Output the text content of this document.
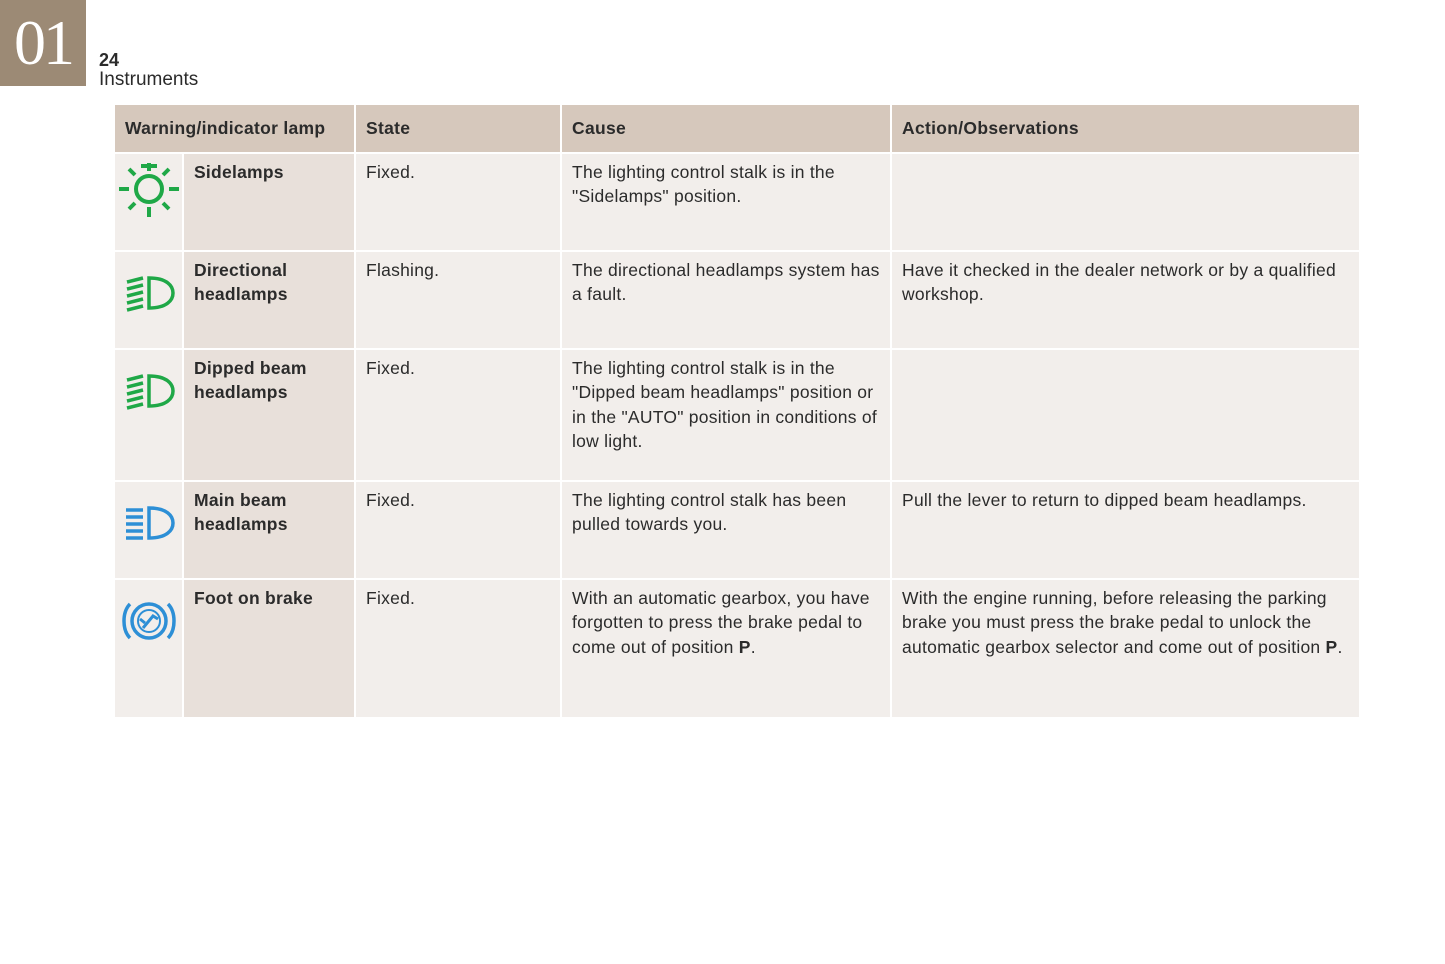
01	24
Instruments
Warning/indicator lamp		State	Cause	Action/Observations

	Sidelamps	Fixed.	The lighting control stalk is in the "Sidelamps" position.	

	Directional headlamps	Flashing.	The directional headlamps system has a fault.	Have it checked in the dealer network or by a qualified workshop.

	Dipped beam headlamps	Fixed.	The lighting control stalk is in the "Dipped beam headlamps" position or in the "AUTO" position in conditions of low light.	

	Main beam headlamps	Fixed.	The lighting control stalk has been pulled towards you.	Pull the lever to return to dipped beam headlamps.

	Foot on brake	Fixed.	With an automatic gearbox, you have forgotten to press the brake pedal to come out of position P.	With the engine running, before releasing the parking brake you must press the brake pedal to unlock the automatic gearbox selector and come out of position P.
